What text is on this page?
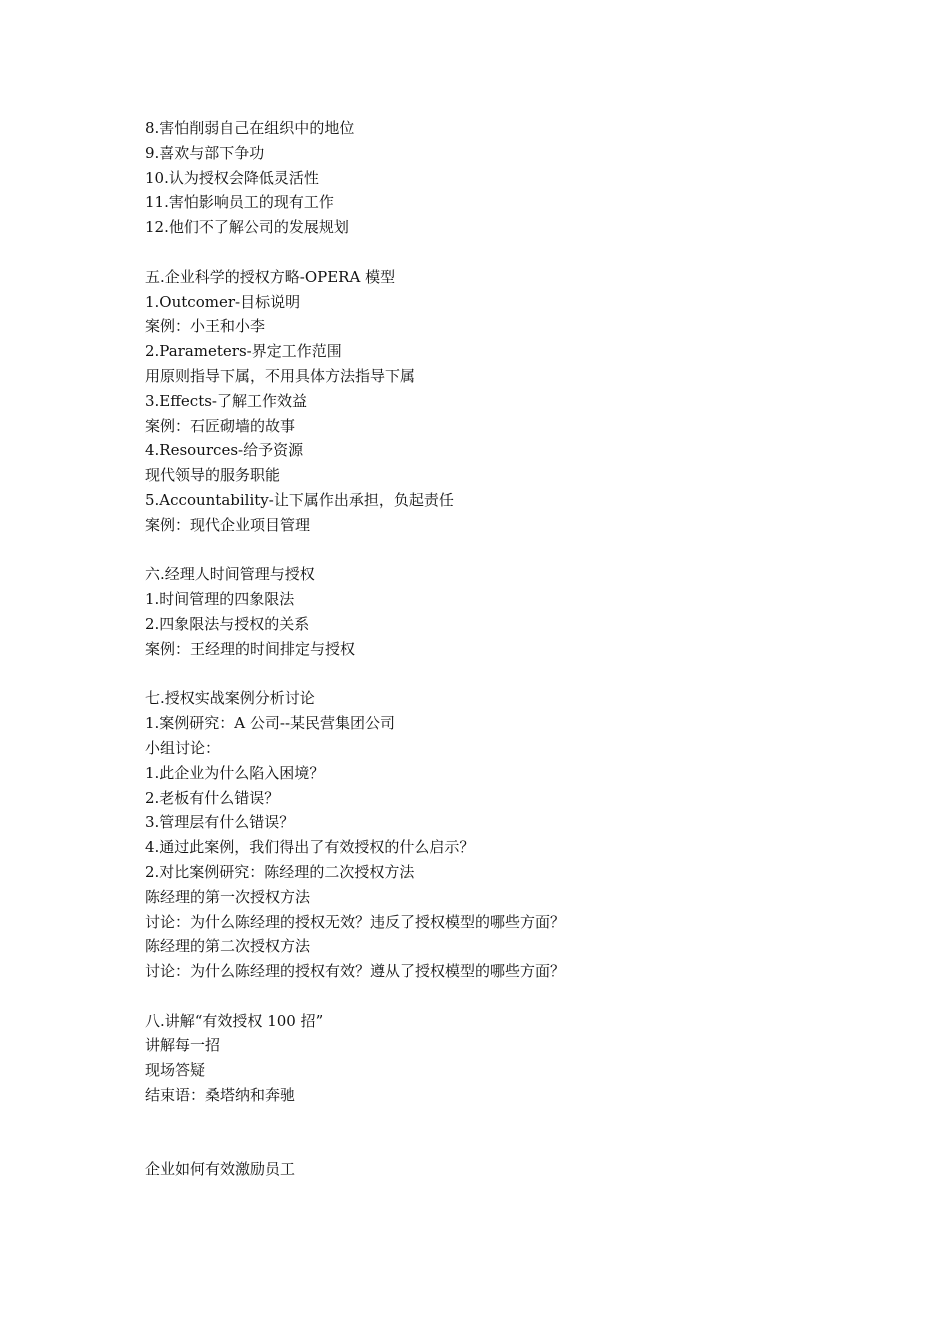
8.害怕削弱自己在组织中的地位
9.喜欢与部下争功
10.认为授权会降低灵活性
11.害怕影响员工的现有工作
12.他们不了解公司的发展规划
五.企业科学的授权方略-OPERA 模型
1.Outcomer-目标说明
案例：小王和小李
2.Parameters-界定工作范围
用原则指导下属，不用具体方法指导下属
3.Effects-了解工作效益
案例：石匠砌墙的故事
4.Resources-给予资源
现代领导的服务职能
5.Accountability-让下属作出承担，负起责任
案例：现代企业项目管理
六.经理人时间管理与授权
1.时间管理的四象限法
2.四象限法与授权的关系
案例：王经理的时间排定与授权
七.授权实战案例分析讨论
1.案例研究：A 公司--某民营集团公司
小组讨论：
1.此企业为什么陷入困境？
2.老板有什么错误？
3.管理层有什么错误？
4.通过此案例，我们得出了有效授权的什么启示？
2.对比案例研究：陈经理的二次授权方法
陈经理的第一次授权方法
讨论：为什么陈经理的授权无效？违反了授权模型的哪些方面？
陈经理的第二次授权方法
讨论：为什么陈经理的授权有效？遵从了授权模型的哪些方面？
八.讲解“有效授权 100 招”
讲解每一招
现场答疑
结束语：桑塔纳和奔驰
企业如何有效激励员工
